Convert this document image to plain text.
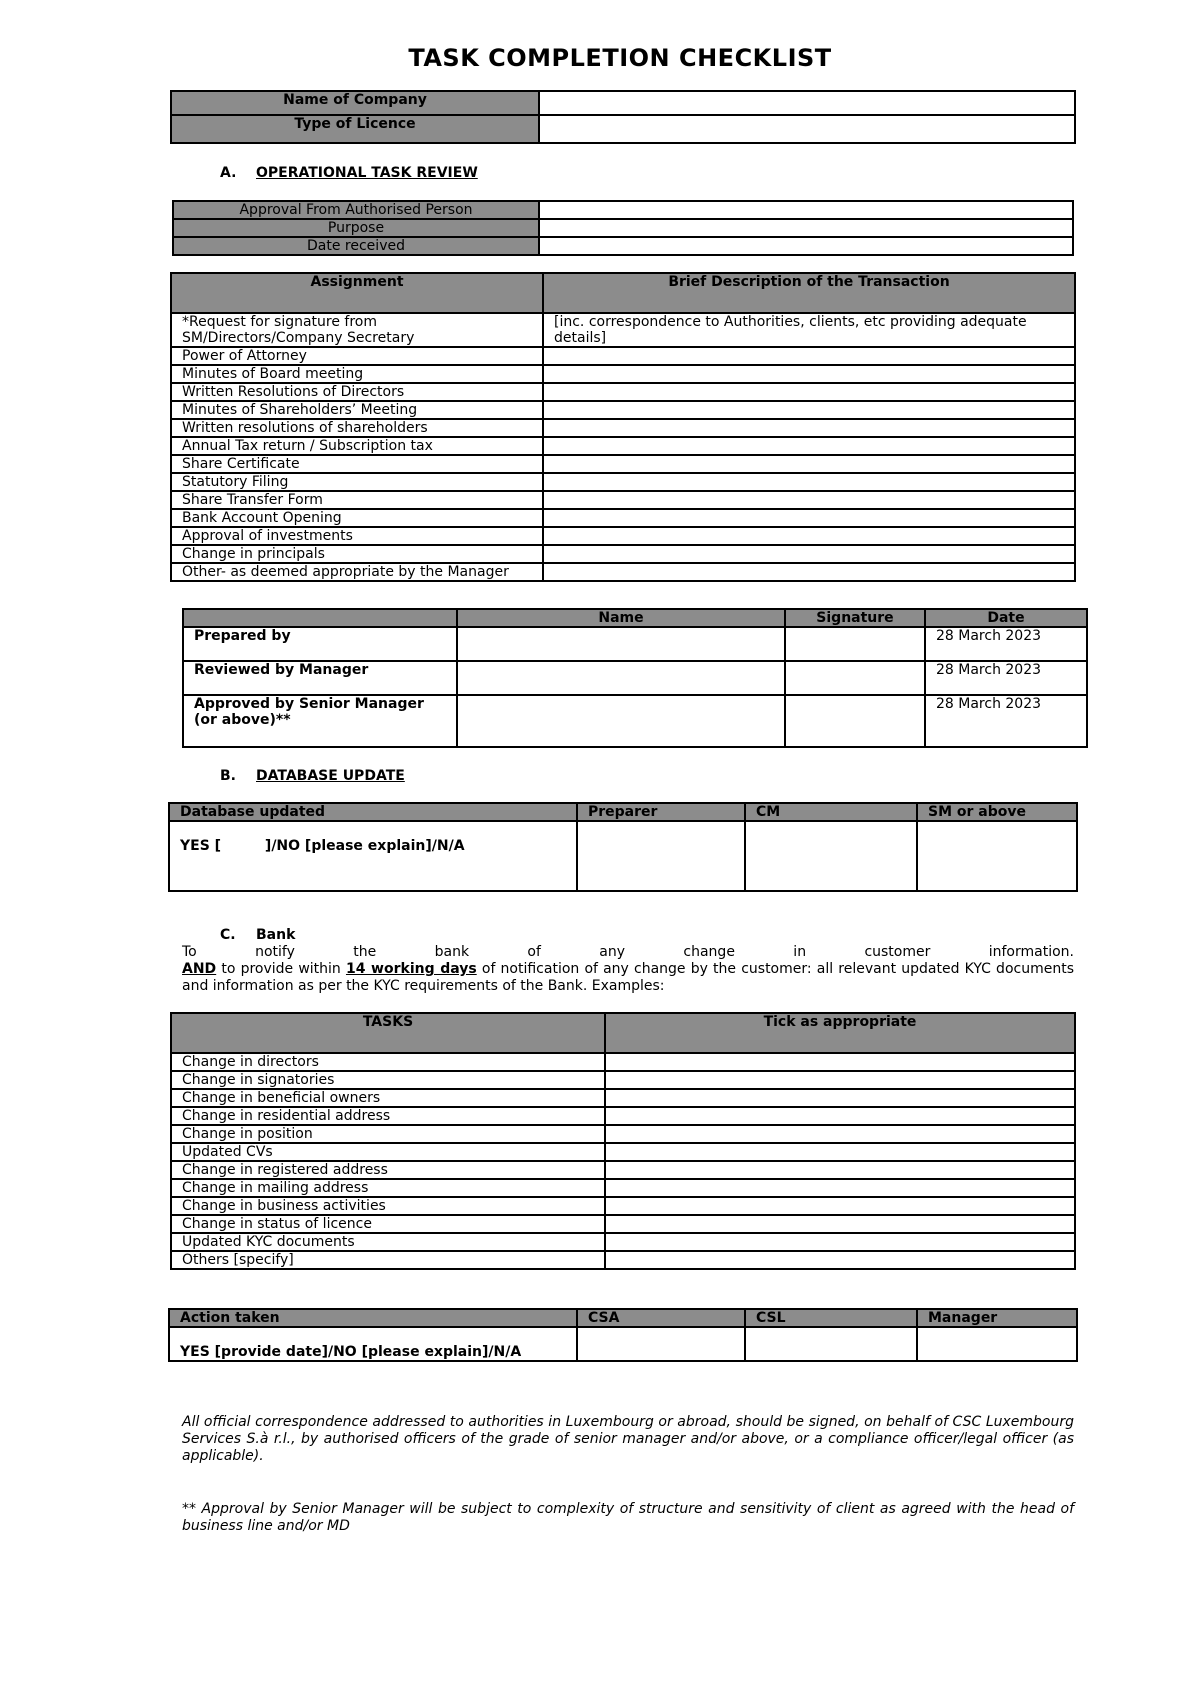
TASK COMPLETION CHECKLIST
Name of Company	
Type of Licence	
A. OPERATIONAL TASK REVIEW
Approval From Authorised Person	
Purpose	
Date received	
Assignment	Brief Description of the Transaction
*Request for signature from SM/Directors/Company Secretary	[inc. correspondence to Authorities, clients, etc providing adequate details]
Power of Attorney	
Minutes of Board meeting	
Written Resolutions of Directors	
Minutes of Shareholders’ Meeting	
Written resolutions of shareholders	
Annual Tax return / Subscription tax	
Share Certificate	
Statutory Filing	
Share Transfer Form	
Bank Account Opening	
Approval of investments	
Change in principals	
Other- as deemed appropriate by the Manager	
	Name	Signature	Date
Prepared by			28 March 2023
Reviewed by Manager			28 March 2023
Approved by Senior Manager (or above)**			28 March 2023
B. DATABASE UPDATE
Database updated	Preparer	CM	SM or above
YES [         ]/NO [please explain]/N/A			
C. Bank
To notify the bank of any change in customer information.
AND to provide within 14 working days of notification of any change by the customer: all relevant updated KYC documents and information as per the KYC requirements of the Bank. Examples:
TASKS	Tick as appropriate
Change in directors	
Change in signatories	
Change in beneficial owners	
Change in residential address	
Change in position	
Updated CVs	
Change in registered address	
Change in mailing address	
Change in business activities	
Change in status of licence	
Updated KYC documents	
Others [specify]	
Action taken	CSA	CSL	Manager
YES [provide date]/NO [please explain]/N/A			
All official correspondence addressed to authorities in Luxembourg or abroad, should be signed, on behalf of CSC Luxembourg Services S.à r.l., by authorised officers of the grade of senior manager and/or above, or a compliance officer/legal officer (as applicable).
** Approval by Senior Manager will be subject to complexity of structure and sensitivity of client as agreed with the head of business line and/or MD
